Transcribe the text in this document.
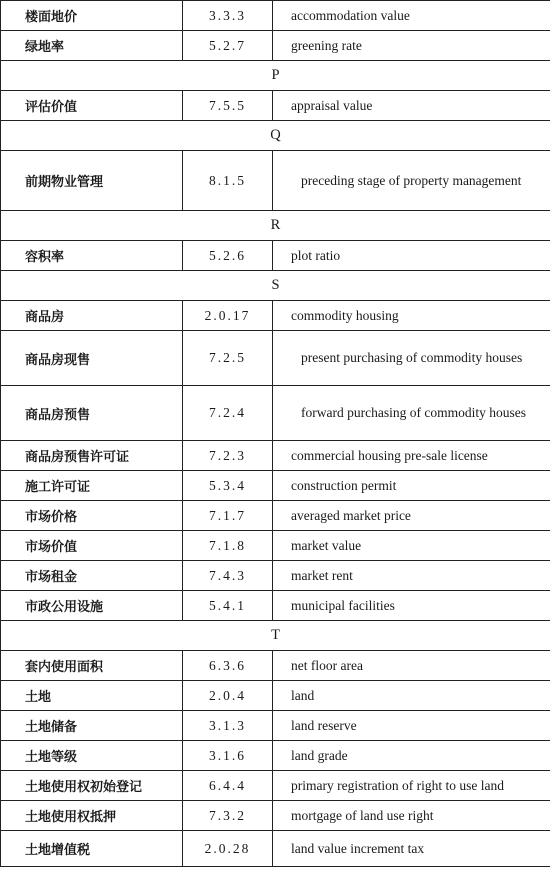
楼面地价	3.3.3	accommodation value
绿地率	5.2.7	greening rate
P		
评估价值	7.5.5	appraisal value
Q		
前期物业管理	8.1.5	preceding stage of property management
R		
容积率	5.2.6	plot ratio
S		
商品房	2.0.17	commodity housing
商品房现售	7.2.5	present purchasing of commodity houses
商品房预售	7.2.4	forward purchasing of commodity houses
商品房预售许可证	7.2.3	commercial housing pre-sale license
施工许可证	5.3.4	construction permit
市场价格	7.1.7	averaged market price
市场价值	7.1.8	market value
市场租金	7.4.3	market rent
市政公用设施	5.4.1	municipal facilities
T		
套内使用面积	6.3.6	net floor area
土地	2.0.4	land
土地储备	3.1.3	land reserve
土地等级	3.1.6	land grade
土地使用权初始登记	6.4.4	primary registration of right to use land
土地使用权抵押	7.3.2	mortgage of land use right
土地增值税	2.0.28	land value increment tax
